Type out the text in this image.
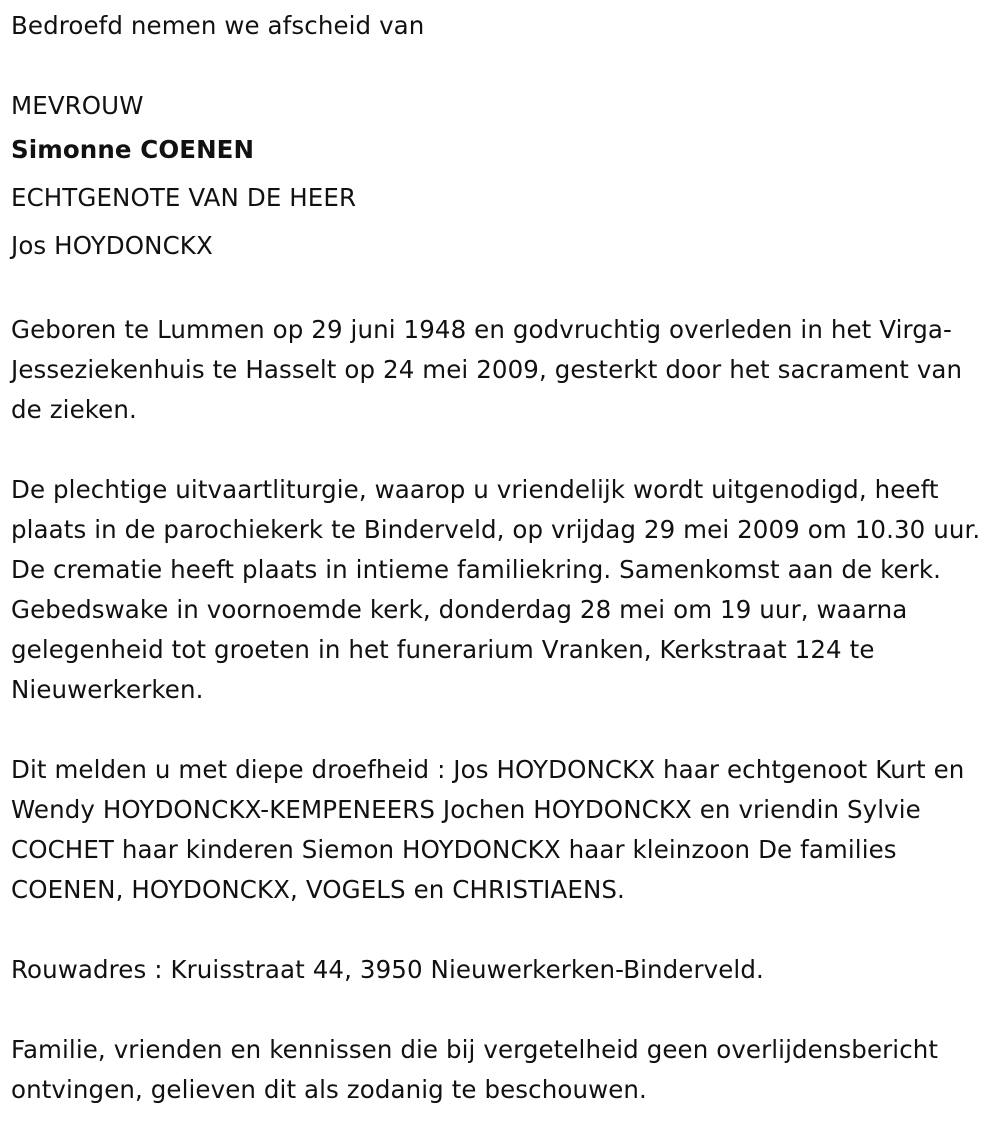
Bedroefd nemen we afscheid van

MEVROUW

Simonne COENEN

ECHTGENOTE VAN DE HEER

Jos HOYDONCKX

Geboren te Lummen op 29 juni 1948 en godvruchtig overleden in het Virga-Jesseziekenhuis te Hasselt op 24 mei 2009, gesterkt door het sacrament van de zieken.

De plechtige uitvaartliturgie, waarop u vriendelijk wordt uitgenodigd, heeft plaats in de parochiekerk te Binderveld, op vrijdag 29 mei 2009 om 10.30 uur. De crematie heeft plaats in intieme familiekring. Samenkomst aan de kerk. Gebedswake in voornoemde kerk, donderdag 28 mei om 19 uur, waarna gelegenheid tot groeten in het funerarium Vranken, Kerkstraat 124 te Nieuwerkerken.

Dit melden u met diepe droefheid : Jos HOYDONCKX haar echtgenoot Kurt en Wendy HOYDONCKX-KEMPENEERS Jochen HOYDONCKX en vriendin Sylvie COCHET haar kinderen Siemon HOYDONCKX haar kleinzoon De families COENEN, HOYDONCKX, VOGELS en CHRISTIAENS.

Rouwadres : Kruisstraat 44, 3950 Nieuwerkerken-Binderveld.

Familie, vrienden en kennissen die bij vergetelheid geen overlijdensbericht ontvingen, gelieven dit als zodanig te beschouwen.
